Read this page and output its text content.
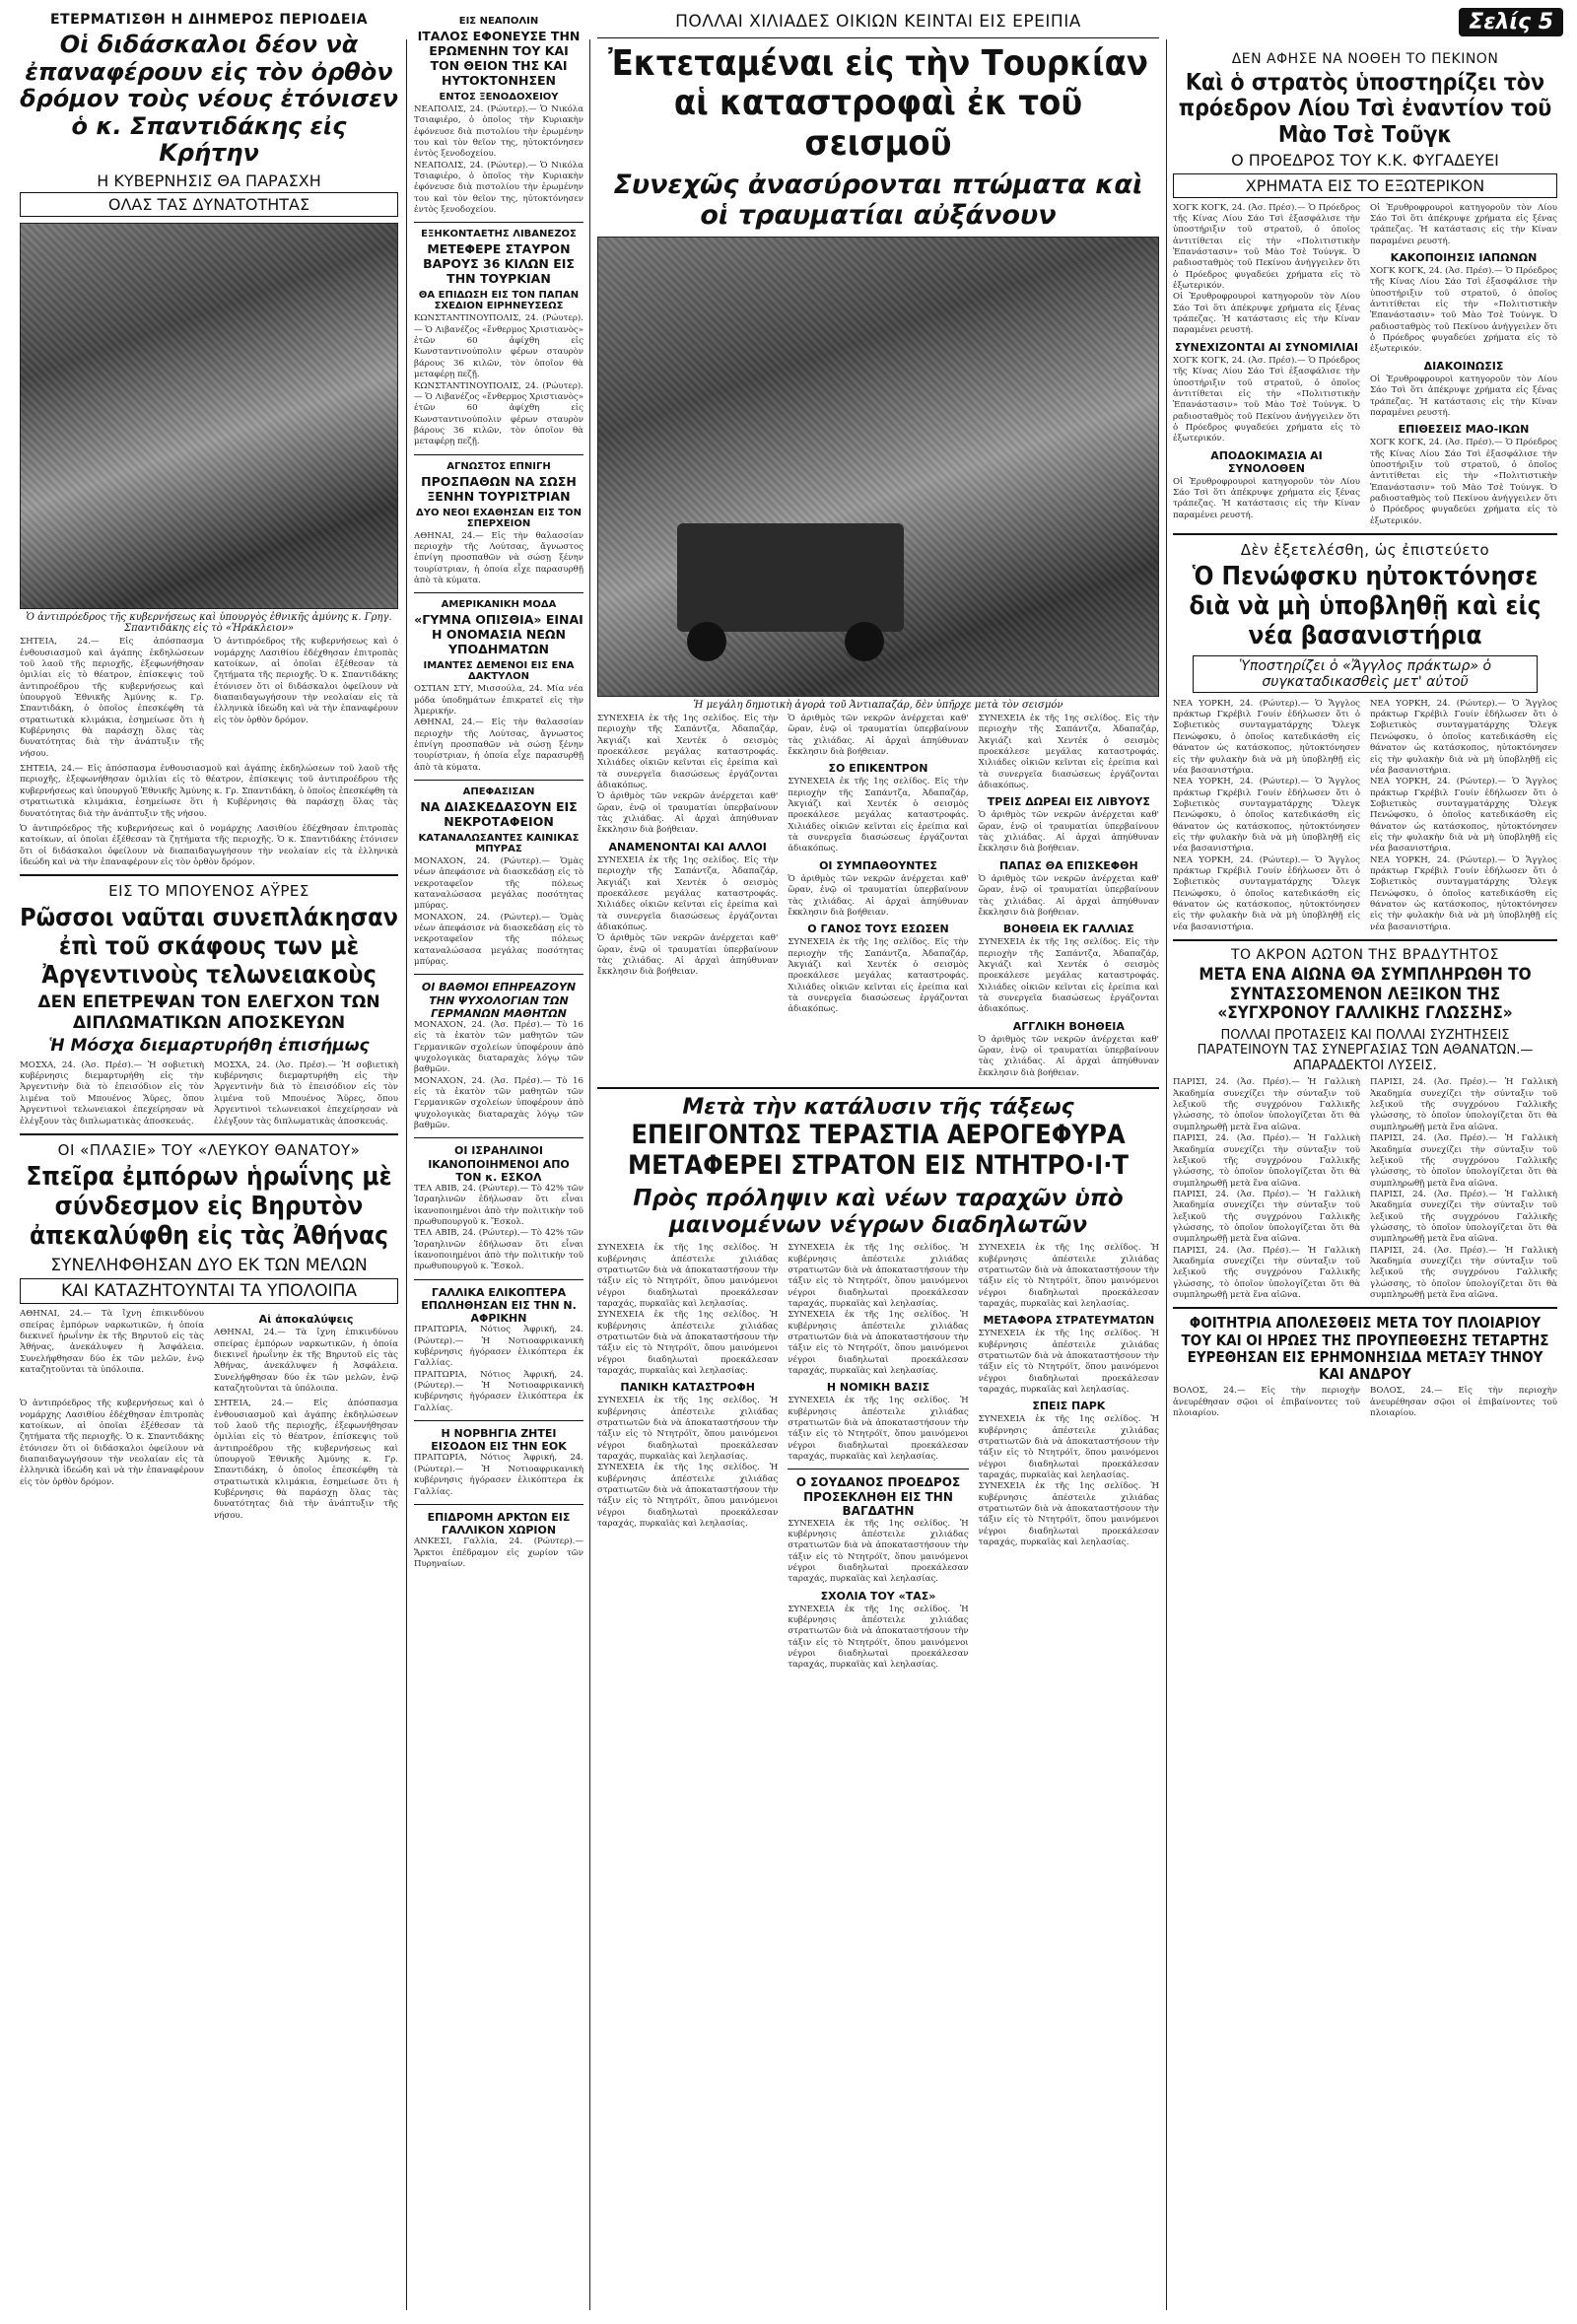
Σελίς 5
ΕΤΕΡΜΑΤΙΣΘΗ Η ΔΙΗΜΕΡΟΣ ΠΕΡΙΟΔΕΙΑ
Οἱ διδάσκαλοι δέον νὰ ἐπαναφέρουν εἰς τὸν ὀρθὸν δρόμον τοὺς νέους ἐτόνισεν ὁ κ. Σπαντιδάκης εἰς Κρήτην
Η ΚΥΒΕΡΝΗΣΙΣ ΘΑ ΠΑΡΑΣΧΗ
ΟΛΑΣ ΤΑΣ ΔΥΝΑΤΟΤΗΤΑΣ
Ὁ ἀντιπρόεδρος τῆς κυβερνήσεως καὶ ὑπουργὸς ἐθνικῆς ἀμύνης κ. Γρηγ. Σπαντιδάκης εἰς τὸ «Ἡράκλειον»
ΣΗΤΕΙΑ, 24.— Εἰς ἀπόσπασμα ἐνθουσιασμοῦ καὶ ἀγάπης ἐκδηλώσεων τοῦ λαοῦ τῆς περιοχῆς, ἐξεφωνήθησαν ὁμιλίαι εἰς τὸ θέατρον, ἐπίσκεψις τοῦ ἀντιπροέδρου τῆς κυβερνήσεως καὶ ὑπουργοῦ Ἐθνικῆς Ἀμύνης κ. Γρ. Σπαντιδάκη, ὁ ὁποῖος ἐπεσκέφθη τὰ στρατιωτικὰ κλιμάκια, ἐσημείωσε ὅτι ἡ Κυβέρνησις θὰ παράσχῃ ὅλας τὰς δυνατότητας διὰ τὴν ἀνάπτυξιν τῆς νήσου.
Ὁ ἀντιπρόεδρος τῆς κυβερνήσεως καὶ ὁ νομάρχης Λασιθίου ἐδέχθησαν ἐπιτροπὰς κατοίκων, αἱ ὁποῖαι ἐξέθεσαν τὰ ζητήματα τῆς περιοχῆς. Ὁ κ. Σπαντιδάκης ἐτόνισεν ὅτι οἱ διδάσκαλοι ὀφείλουν νὰ διαπαιδαγωγήσουν τὴν νεολαίαν εἰς τὰ ἑλληνικὰ ἰδεώδη καὶ νὰ τὴν ἐπαναφέρουν εἰς τὸν ὀρθὸν δρόμον.
ΣΗΤΕΙΑ, 24.— Εἰς ἀπόσπασμα ἐνθουσιασμοῦ καὶ ἀγάπης ἐκδηλώσεων τοῦ λαοῦ τῆς περιοχῆς, ἐξεφωνήθησαν ὁμιλίαι εἰς τὸ θέατρον, ἐπίσκεψις τοῦ ἀντιπροέδρου τῆς κυβερνήσεως καὶ ὑπουργοῦ Ἐθνικῆς Ἀμύνης κ. Γρ. Σπαντιδάκη, ὁ ὁποῖος ἐπεσκέφθη τὰ στρατιωτικὰ κλιμάκια, ἐσημείωσε ὅτι ἡ Κυβέρνησις θὰ παράσχῃ ὅλας τὰς δυνατότητας διὰ τὴν ἀνάπτυξιν τῆς νήσου.
Ὁ ἀντιπρόεδρος τῆς κυβερνήσεως καὶ ὁ νομάρχης Λασιθίου ἐδέχθησαν ἐπιτροπὰς κατοίκων, αἱ ὁποῖαι ἐξέθεσαν τὰ ζητήματα τῆς περιοχῆς. Ὁ κ. Σπαντιδάκης ἐτόνισεν ὅτι οἱ διδάσκαλοι ὀφείλουν νὰ διαπαιδαγωγήσουν τὴν νεολαίαν εἰς τὰ ἑλληνικὰ ἰδεώδη καὶ νὰ τὴν ἐπαναφέρουν εἰς τὸν ὀρθὸν δρόμον.
ΕΙΣ ΤΟ ΜΠΟΥΕΝΟΣ ΑΫΡΕΣ
Ρῶσσοι ναῦται συνεπλάκησαν ἐπὶ τοῦ σκάφους των μὲ Ἀργεντινοὺς τελωνειακοὺς
ΔΕΝ ΕΠΕΤΡΕΨΑΝ ΤΟΝ ΕΛΕΓΧΟΝ ΤΩΝ ΔΙΠΛΩΜΑΤΙΚΩΝ ΑΠΟΣΚΕΥΩΝ
Ἡ Μόσχα διεμαρτυρήθη ἐπισήμως
ΜΟΣΧΑ, 24. (Ἀσ. Πρέσ).— Ἡ σοβιετικὴ κυβέρνησις διεμαρτυρήθη εἰς τὴν Ἀργεντινὴν διὰ τὸ ἐπεισόδιον εἰς τὸν λιμένα τοῦ Μπουένος Ἄϋρες, ὅπου Ἀργεντινοὶ τελωνειακοὶ ἐπεχείρησαν νὰ ἐλέγξουν τὰς διπλωματικὰς ἀποσκευάς.
ΜΟΣΧΑ, 24. (Ἀσ. Πρέσ).— Ἡ σοβιετικὴ κυβέρνησις διεμαρτυρήθη εἰς τὴν Ἀργεντινὴν διὰ τὸ ἐπεισόδιον εἰς τὸν λιμένα τοῦ Μπουένος Ἄϋρες, ὅπου Ἀργεντινοὶ τελωνειακοὶ ἐπεχείρησαν νὰ ἐλέγξουν τὰς διπλωματικὰς ἀποσκευάς.
ΟΙ «ΠΛΑΣΙΕ» ΤΟΥ «ΛΕΥΚΟΥ ΘΑΝΑΤΟΥ»
Σπεῖρα ἐμπόρων ἡρωΐνης μὲ σύνδεσμον εἰς Βηρυτὸν ἀπεκαλύφθη εἰς τὰς Ἀθήνας
ΣΥΝΕΛΗΦΘΗΣΑΝ ΔΥΟ ΕΚ ΤΩΝ ΜΕΛΩΝ
ΚΑΙ ΚΑΤΑΖΗΤΟΥΝΤΑΙ ΤΑ ΥΠΟΛΟΙΠΑ
ΑΘΗΝΑΙ, 24.— Τὰ ἴχνη ἐπικινδύνου σπείρας ἐμπόρων ναρκωτικῶν, ἡ ὁποία διεκινεῖ ἡρωΐνην ἐκ τῆς Βηρυτοῦ εἰς τὰς Ἀθήνας, ἀνεκάλυψεν ἡ Ἀσφάλεια. Συνελήφθησαν δύο ἐκ τῶν μελῶν, ἐνῷ καταζητοῦνται τὰ ὑπόλοιπα.
Αἱ ἀποκαλύψεις
ΑΘΗΝΑΙ, 24.— Τὰ ἴχνη ἐπικινδύνου σπείρας ἐμπόρων ναρκωτικῶν, ἡ ὁποία διεκινεῖ ἡρωΐνην ἐκ τῆς Βηρυτοῦ εἰς τὰς Ἀθήνας, ἀνεκάλυψεν ἡ Ἀσφάλεια. Συνελήφθησαν δύο ἐκ τῶν μελῶν, ἐνῷ καταζητοῦνται τὰ ὑπόλοιπα.
Ὁ ἀντιπρόεδρος τῆς κυβερνήσεως καὶ ὁ νομάρχης Λασιθίου ἐδέχθησαν ἐπιτροπὰς κατοίκων, αἱ ὁποῖαι ἐξέθεσαν τὰ ζητήματα τῆς περιοχῆς. Ὁ κ. Σπαντιδάκης ἐτόνισεν ὅτι οἱ διδάσκαλοι ὀφείλουν νὰ διαπαιδαγωγήσουν τὴν νεολαίαν εἰς τὰ ἑλληνικὰ ἰδεώδη καὶ νὰ τὴν ἐπαναφέρουν εἰς τὸν ὀρθὸν δρόμον.
ΣΗΤΕΙΑ, 24.— Εἰς ἀπόσπασμα ἐνθουσιασμοῦ καὶ ἀγάπης ἐκδηλώσεων τοῦ λαοῦ τῆς περιοχῆς, ἐξεφωνήθησαν ὁμιλίαι εἰς τὸ θέατρον, ἐπίσκεψις τοῦ ἀντιπροέδρου τῆς κυβερνήσεως καὶ ὑπουργοῦ Ἐθνικῆς Ἀμύνης κ. Γρ. Σπαντιδάκη, ὁ ὁποῖος ἐπεσκέφθη τὰ στρατιωτικὰ κλιμάκια, ἐσημείωσε ὅτι ἡ Κυβέρνησις θὰ παράσχῃ ὅλας τὰς δυνατότητας διὰ τὴν ἀνάπτυξιν τῆς νήσου.
ΕΙΣ ΝΕΑΠΟΛΙΝ
ΙΤΑΛΟΣ ΕΦΟΝΕΥΣΕ ΤΗΝ ΕΡΩΜΕΝΗΝ ΤΟΥ ΚΑΙ ΤΟΝ ΘΕΙΟΝ ΤΗΣ ΚΑΙ ΗΥΤΟΚΤΟΝΗΣΕΝ
ΕΝΤΟΣ ΞΕΝΟΔΟΧΕΙΟΥ
ΝΕΑΠΟΛΙΣ, 24. (Ρώυτερ).— Ὁ Νικόλα Τσιαφιέρο, ὁ ὁποῖος τὴν Κυριακὴν ἐφόνευσε διὰ πιστολίου τὴν ἐρωμένην του καὶ τὸν θεῖον της, ηὐτοκτόνησεν ἐντὸς ξενοδοχείου.
ΝΕΑΠΟΛΙΣ, 24. (Ρώυτερ).— Ὁ Νικόλα Τσιαφιέρο, ὁ ὁποῖος τὴν Κυριακὴν ἐφόνευσε διὰ πιστολίου τὴν ἐρωμένην του καὶ τὸν θεῖον της, ηὐτοκτόνησεν ἐντὸς ξενοδοχείου.
ΕΞΗΚΟΝΤΑΕΤΗΣ ΛΙΒΑΝΕΖΟΣ
ΜΕΤΕΦΕΡΕ ΣΤΑΥΡΟΝ ΒΑΡΟΥΣ 36 ΚΙΛΩΝ ΕΙΣ ΤΗΝ ΤΟΥΡΚΙΑΝ
ΘΑ ΕΠΙΔΩΣΗ ΕΙΣ ΤΟΝ ΠΑΠΑΝ ΣΧΕΔΙΟΝ ΕΙΡΗΝΕΥΣΕΩΣ
ΚΩΝΣΤΑΝΤΙΝΟΥΠΟΛΙΣ, 24. (Ρώυτερ).— Ὁ Λιβανέζος «ἔνθερμος Χριστιανὸς» ἐτῶν 60 ἀφίχθη εἰς Κωνσταντινούπολιν φέρων σταυρὸν βάρους 36 κιλῶν, τὸν ὁποῖον θὰ μεταφέρῃ πεζῇ.
ΚΩΝΣΤΑΝΤΙΝΟΥΠΟΛΙΣ, 24. (Ρώυτερ).— Ὁ Λιβανέζος «ἔνθερμος Χριστιανὸς» ἐτῶν 60 ἀφίχθη εἰς Κωνσταντινούπολιν φέρων σταυρὸν βάρους 36 κιλῶν, τὸν ὁποῖον θὰ μεταφέρῃ πεζῇ.
ΑΓΝΩΣΤΟΣ ΕΠΝΙΓΗ
ΠΡΟΣΠΑΘΩΝ ΝΑ ΣΩΣΗ ΞΕΝΗΝ ΤΟΥΡΙΣΤΡΙΑΝ
ΔΥΟ ΝΕΟΙ ΕΧΑΘΗΣΑΝ ΕΙΣ ΤΟΝ ΣΠΕΡΧΕΙΟΝ
ΑΘΗΝΑΙ, 24.— Εἰς τὴν θαλασσίαν περιοχὴν τῆς Λούτσας, ἄγνωστος ἐπνίγη προσπαθῶν νὰ σώσῃ ξένην τουρίστριαν, ἡ ὁποία εἶχε παρασυρθῇ ἀπὸ τὰ κύματα.
ΑΜΕΡΙΚΑΝΙΚΗ ΜΟΔΑ
«ΓΥΜΝΑ ΟΠΙΣΘΙΑ» ΕΙΝΑΙ Η ΟΝΟΜΑΣΙΑ ΝΕΩΝ ΥΠΟΔΗΜΑΤΩΝ
ΙΜΑΝΤΕΣ ΔΕΜΕΝΟΙ ΕΙΣ ΕΝΑ ΔΑΚΤΥΛΟΝ
ΟΣΤΙΑΝ ΣΤΥ, Μισσούλα, 24. Μία νέα μόδα ὑποδημάτων ἐπικρατεῖ εἰς τὴν Ἀμερικήν.
ΑΘΗΝΑΙ, 24.— Εἰς τὴν θαλασσίαν περιοχὴν τῆς Λούτσας, ἄγνωστος ἐπνίγη προσπαθῶν νὰ σώσῃ ξένην τουρίστριαν, ἡ ὁποία εἶχε παρασυρθῇ ἀπὸ τὰ κύματα.
ΑΠΕΦΑΣΙΣΑΝ
ΝΑ ΔΙΑΣΚΕΔΑΣΟΥΝ ΕΙΣ ΝΕΚΡΟΤΑΦΕΙΟΝ
ΚΑΤΑΝΑΛΩΣΑΝΤΕΣ ΚΑΙΝΙΚΑΣ ΜΠΥΡΑΣ
ΜΟΝΑΧΟΝ, 24. (Ρώυτερ).— Ὁμὰς νέων ἀπεφάσισε νὰ διασκεδάσῃ εἰς τὸ νεκροταφεῖον τῆς πόλεως καταναλώσασα μεγάλας ποσότητας μπύρας.
ΜΟΝΑΧΟΝ, 24. (Ρώυτερ).— Ὁμὰς νέων ἀπεφάσισε νὰ διασκεδάσῃ εἰς τὸ νεκροταφεῖον τῆς πόλεως καταναλώσασα μεγάλας ποσότητας μπύρας.
ΟΙ ΒΑΘΜΟΙ ΕΠΗΡΕΑΖΟΥΝ ΤΗΝ ΨΥΧΟΛΟΓΙΑΝ ΤΩΝ ΓΕΡΜΑΝΩΝ ΜΑΘΗΤΩΝ
ΜΟΝΑΧΟΝ, 24. (Ἀσ. Πρέσ).— Τὸ 16 εἰς τὰ ἑκατὸν τῶν μαθητῶν τῶν Γερμανικῶν σχολείων ὑποφέρουν ἀπὸ ψυχολογικὰς διαταραχὰς λόγῳ τῶν βαθμῶν.
ΜΟΝΑΧΟΝ, 24. (Ἀσ. Πρέσ).— Τὸ 16 εἰς τὰ ἑκατὸν τῶν μαθητῶν τῶν Γερμανικῶν σχολείων ὑποφέρουν ἀπὸ ψυχολογικὰς διαταραχὰς λόγῳ τῶν βαθμῶν.
ΟΙ ΙΣΡΑΗΛΙΝΟΙ ΙΚΑΝΟΠΟΙΗΜΕΝΟΙ ΑΠΟ ΤΟΝ κ. ΕΣΚΟΛ
ΤΕΛ ΑΒΙΒ, 24. (Ρώυτερ).— Τὸ 42% τῶν Ἰσραηλινῶν ἐδήλωσαν ὅτι εἶναι ἱκανοποιημένοι ἀπὸ τὴν πολιτικὴν τοῦ πρωθυπουργοῦ κ. Ἔσκολ.
ΤΕΛ ΑΒΙΒ, 24. (Ρώυτερ).— Τὸ 42% τῶν Ἰσραηλινῶν ἐδήλωσαν ὅτι εἶναι ἱκανοποιημένοι ἀπὸ τὴν πολιτικὴν τοῦ πρωθυπουργοῦ κ. Ἔσκολ.
ΓΑΛΛΙΚΑ ΕΛΙΚΟΠΤΕΡΑ ΕΠΩΛΗΘΗΣΑΝ ΕΙΣ ΤΗΝ Ν. ΑΦΡΙΚΗΝ
ΠΡΑΙΤΩΡΙΑ, Νότιος Ἀφρική, 24. (Ρώυτερ).— Ἡ Νοτιοαφρικανικὴ κυβέρνησις ἠγόρασεν ἐλικόπτερα ἐκ Γαλλίας.
ΠΡΑΙΤΩΡΙΑ, Νότιος Ἀφρική, 24. (Ρώυτερ).— Ἡ Νοτιοαφρικανικὴ κυβέρνησις ἠγόρασεν ἐλικόπτερα ἐκ Γαλλίας.
Η ΝΟΡΒΗΓΙΑ ΖΗΤΕΙ ΕΙΣΟΔΟΝ ΕΙΣ ΤΗΝ ΕΟΚ
ΠΡΑΙΤΩΡΙΑ, Νότιος Ἀφρική, 24. (Ρώυτερ).— Ἡ Νοτιοαφρικανικὴ κυβέρνησις ἠγόρασεν ἐλικόπτερα ἐκ Γαλλίας.
ΕΠΙΔΡΟΜΗ ΑΡΚΤΩΝ ΕΙΣ ΓΑΛΛΙΚΟΝ ΧΩΡΙΟΝ
ΑΝΚΕΣΙ, Γαλλία, 24. (Ρώυτερ).— Ἄρκτοι ἐπέδραμον εἰς χωρίον τῶν Πυρηναίων.
ΠΟΛΛΑΙ ΧΙΛΙΑΔΕΣ ΟΙΚΙΩΝ ΚΕΙΝΤΑΙ ΕΙΣ ΕΡΕΙΠΙΑ
Ἐκτεταμέναι εἰς τὴν Τουρκίαν αἱ καταστροφαὶ ἐκ τοῦ σεισμοῦ
Συνεχῶς ἀνασύρονται πτώματα καὶ οἱ τραυματίαι αὐξάνουν
Ἡ μεγάλη δημοτικὴ ἀγορὰ τοῦ Ἀντιαπαζάρ, δὲν ὑπῆρχε μετὰ τὸν σεισμόν
ΣΥΝΕΧΕΙΑ ἐκ τῆς 1ης σελίδος. Εἰς τὴν περιοχὴν τῆς Σαπάντζα, Ἀδαπαζάρ, Ἀκγιάζι καὶ Χεντέκ ὁ σεισμὸς προεκάλεσε μεγάλας καταστροφάς. Χιλιάδες οἰκιῶν κεῖνται εἰς ἐρείπια καὶ τὰ συνεργεῖα διασώσεως ἐργάζονται ἀδιακόπως.
Ὁ ἀριθμὸς τῶν νεκρῶν ἀνέρχεται καθ' ὥραν, ἐνῷ οἱ τραυματίαι ὑπερβαίνουν τὰς χιλιάδας. Αἱ ἀρχαὶ ἀπηύθυναν ἔκκλησιν διὰ βοήθειαν.
ΑΝΑΜΕΝΟΝΤΑΙ ΚΑΙ ΑΛΛΟΙ
ΣΥΝΕΧΕΙΑ ἐκ τῆς 1ης σελίδος. Εἰς τὴν περιοχὴν τῆς Σαπάντζα, Ἀδαπαζάρ, Ἀκγιάζι καὶ Χεντέκ ὁ σεισμὸς προεκάλεσε μεγάλας καταστροφάς. Χιλιάδες οἰκιῶν κεῖνται εἰς ἐρείπια καὶ τὰ συνεργεῖα διασώσεως ἐργάζονται ἀδιακόπως.
Ὁ ἀριθμὸς τῶν νεκρῶν ἀνέρχεται καθ' ὥραν, ἐνῷ οἱ τραυματίαι ὑπερβαίνουν τὰς χιλιάδας. Αἱ ἀρχαὶ ἀπηύθυναν ἔκκλησιν διὰ βοήθειαν.
Ὁ ἀριθμὸς τῶν νεκρῶν ἀνέρχεται καθ' ὥραν, ἐνῷ οἱ τραυματίαι ὑπερβαίνουν τὰς χιλιάδας. Αἱ ἀρχαὶ ἀπηύθυναν ἔκκλησιν διὰ βοήθειαν.
ΣΟ ΕΠΙΚΕΝΤΡΟΝ
ΣΥΝΕΧΕΙΑ ἐκ τῆς 1ης σελίδος. Εἰς τὴν περιοχὴν τῆς Σαπάντζα, Ἀδαπαζάρ, Ἀκγιάζι καὶ Χεντέκ ὁ σεισμὸς προεκάλεσε μεγάλας καταστροφάς. Χιλιάδες οἰκιῶν κεῖνται εἰς ἐρείπια καὶ τὰ συνεργεῖα διασώσεως ἐργάζονται ἀδιακόπως.
ΟΙ ΣΥΜΠΑΘΟΥΝΤΕΣ
Ὁ ἀριθμὸς τῶν νεκρῶν ἀνέρχεται καθ' ὥραν, ἐνῷ οἱ τραυματίαι ὑπερβαίνουν τὰς χιλιάδας. Αἱ ἀρχαὶ ἀπηύθυναν ἔκκλησιν διὰ βοήθειαν.
Ο ΓΑΝΟΣ ΤΟΥΣ ΕΣΩΣΕΝ
ΣΥΝΕΧΕΙΑ ἐκ τῆς 1ης σελίδος. Εἰς τὴν περιοχὴν τῆς Σαπάντζα, Ἀδαπαζάρ, Ἀκγιάζι καὶ Χεντέκ ὁ σεισμὸς προεκάλεσε μεγάλας καταστροφάς. Χιλιάδες οἰκιῶν κεῖνται εἰς ἐρείπια καὶ τὰ συνεργεῖα διασώσεως ἐργάζονται ἀδιακόπως.
ΣΥΝΕΧΕΙΑ ἐκ τῆς 1ης σελίδος. Εἰς τὴν περιοχὴν τῆς Σαπάντζα, Ἀδαπαζάρ, Ἀκγιάζι καὶ Χεντέκ ὁ σεισμὸς προεκάλεσε μεγάλας καταστροφάς. Χιλιάδες οἰκιῶν κεῖνται εἰς ἐρείπια καὶ τὰ συνεργεῖα διασώσεως ἐργάζονται ἀδιακόπως.
ΤΡΕΙΣ ΔΩΡΕΑΙ ΕΙΣ ΛΙΒΥΟΥΣ
Ὁ ἀριθμὸς τῶν νεκρῶν ἀνέρχεται καθ' ὥραν, ἐνῷ οἱ τραυματίαι ὑπερβαίνουν τὰς χιλιάδας. Αἱ ἀρχαὶ ἀπηύθυναν ἔκκλησιν διὰ βοήθειαν.
ΠΑΠΑΣ ΘΑ ΕΠΙΣΚΕΦΘΗ
Ὁ ἀριθμὸς τῶν νεκρῶν ἀνέρχεται καθ' ὥραν, ἐνῷ οἱ τραυματίαι ὑπερβαίνουν τὰς χιλιάδας. Αἱ ἀρχαὶ ἀπηύθυναν ἔκκλησιν διὰ βοήθειαν.
ΒΟΗΘΕΙΑ ΕΚ ΓΑΛΛΙΑΣ
ΣΥΝΕΧΕΙΑ ἐκ τῆς 1ης σελίδος. Εἰς τὴν περιοχὴν τῆς Σαπάντζα, Ἀδαπαζάρ, Ἀκγιάζι καὶ Χεντέκ ὁ σεισμὸς προεκάλεσε μεγάλας καταστροφάς. Χιλιάδες οἰκιῶν κεῖνται εἰς ἐρείπια καὶ τὰ συνεργεῖα διασώσεως ἐργάζονται ἀδιακόπως.
ΑΓΓΛΙΚΗ ΒΟΗΘΕΙΑ
Ὁ ἀριθμὸς τῶν νεκρῶν ἀνέρχεται καθ' ὥραν, ἐνῷ οἱ τραυματίαι ὑπερβαίνουν τὰς χιλιάδας. Αἱ ἀρχαὶ ἀπηύθυναν ἔκκλησιν διὰ βοήθειαν.
Μετὰ τὴν κατάλυσιν τῆς τάξεως
ΕΠΕΙΓΟΝΤΩΣ ΤΕΡΑΣΤΙΑ ΑΕΡΟΓΕΦΥΡΑ
ΜΕΤΑΦΕΡΕΙ ΣΤΡΑΤΟΝ ΕΙΣ ΝΤΗΤΡΟ·Ι·Τ
Πρὸς πρόληψιν καὶ νέων ταραχῶν ὑπὸ μαινομένων νέγρων διαδηλωτῶν
ΣΥΝΕΧΕΙΑ ἐκ τῆς 1ης σελίδος. Ἡ κυβέρνησις ἀπέστειλε χιλιάδας στρατιωτῶν διὰ νὰ ἀποκαταστήσουν τὴν τάξιν εἰς τὸ Ντητρόϊτ, ὅπου μαινόμενοι νέγροι διαδηλωταὶ προεκάλεσαν ταραχάς, πυρκαϊὰς καὶ λεηλασίας.
ΣΥΝΕΧΕΙΑ ἐκ τῆς 1ης σελίδος. Ἡ κυβέρνησις ἀπέστειλε χιλιάδας στρατιωτῶν διὰ νὰ ἀποκαταστήσουν τὴν τάξιν εἰς τὸ Ντητρόϊτ, ὅπου μαινόμενοι νέγροι διαδηλωταὶ προεκάλεσαν ταραχάς, πυρκαϊὰς καὶ λεηλασίας.
ΠΑΝΙΚΗ ΚΑΤΑΣΤΡΟΦΗ
ΣΥΝΕΧΕΙΑ ἐκ τῆς 1ης σελίδος. Ἡ κυβέρνησις ἀπέστειλε χιλιάδας στρατιωτῶν διὰ νὰ ἀποκαταστήσουν τὴν τάξιν εἰς τὸ Ντητρόϊτ, ὅπου μαινόμενοι νέγροι διαδηλωταὶ προεκάλεσαν ταραχάς, πυρκαϊὰς καὶ λεηλασίας.
ΣΥΝΕΧΕΙΑ ἐκ τῆς 1ης σελίδος. Ἡ κυβέρνησις ἀπέστειλε χιλιάδας στρατιωτῶν διὰ νὰ ἀποκαταστήσουν τὴν τάξιν εἰς τὸ Ντητρόϊτ, ὅπου μαινόμενοι νέγροι διαδηλωταὶ προεκάλεσαν ταραχάς, πυρκαϊὰς καὶ λεηλασίας.
ΣΥΝΕΧΕΙΑ ἐκ τῆς 1ης σελίδος. Ἡ κυβέρνησις ἀπέστειλε χιλιάδας στρατιωτῶν διὰ νὰ ἀποκαταστήσουν τὴν τάξιν εἰς τὸ Ντητρόϊτ, ὅπου μαινόμενοι νέγροι διαδηλωταὶ προεκάλεσαν ταραχάς, πυρκαϊὰς καὶ λεηλασίας.
ΣΥΝΕΧΕΙΑ ἐκ τῆς 1ης σελίδος. Ἡ κυβέρνησις ἀπέστειλε χιλιάδας στρατιωτῶν διὰ νὰ ἀποκαταστήσουν τὴν τάξιν εἰς τὸ Ντητρόϊτ, ὅπου μαινόμενοι νέγροι διαδηλωταὶ προεκάλεσαν ταραχάς, πυρκαϊὰς καὶ λεηλασίας.
Η ΝΟΜΙΚΗ ΒΑΣΙΣ
ΣΥΝΕΧΕΙΑ ἐκ τῆς 1ης σελίδος. Ἡ κυβέρνησις ἀπέστειλε χιλιάδας στρατιωτῶν διὰ νὰ ἀποκαταστήσουν τὴν τάξιν εἰς τὸ Ντητρόϊτ, ὅπου μαινόμενοι νέγροι διαδηλωταὶ προεκάλεσαν ταραχάς, πυρκαϊὰς καὶ λεηλασίας.
Ο ΣΟΥΔΑΝΟΣ ΠΡΟΕΔΡΟΣ ΠΡΟΣΕΚΛΗΘΗ ΕΙΣ ΤΗΝ ΒΑΓΔΑΤΗΝ
ΣΥΝΕΧΕΙΑ ἐκ τῆς 1ης σελίδος. Ἡ κυβέρνησις ἀπέστειλε χιλιάδας στρατιωτῶν διὰ νὰ ἀποκαταστήσουν τὴν τάξιν εἰς τὸ Ντητρόϊτ, ὅπου μαινόμενοι νέγροι διαδηλωταὶ προεκάλεσαν ταραχάς, πυρκαϊὰς καὶ λεηλασίας.
ΣΧΟΛΙΑ ΤΟΥ «ΤΑΣ»
ΣΥΝΕΧΕΙΑ ἐκ τῆς 1ης σελίδος. Ἡ κυβέρνησις ἀπέστειλε χιλιάδας στρατιωτῶν διὰ νὰ ἀποκαταστήσουν τὴν τάξιν εἰς τὸ Ντητρόϊτ, ὅπου μαινόμενοι νέγροι διαδηλωταὶ προεκάλεσαν ταραχάς, πυρκαϊὰς καὶ λεηλασίας.
ΣΥΝΕΧΕΙΑ ἐκ τῆς 1ης σελίδος. Ἡ κυβέρνησις ἀπέστειλε χιλιάδας στρατιωτῶν διὰ νὰ ἀποκαταστήσουν τὴν τάξιν εἰς τὸ Ντητρόϊτ, ὅπου μαινόμενοι νέγροι διαδηλωταὶ προεκάλεσαν ταραχάς, πυρκαϊὰς καὶ λεηλασίας.
ΜΕΤΑΦΟΡΑ ΣΤΡΑΤΕΥΜΑΤΩΝ
ΣΥΝΕΧΕΙΑ ἐκ τῆς 1ης σελίδος. Ἡ κυβέρνησις ἀπέστειλε χιλιάδας στρατιωτῶν διὰ νὰ ἀποκαταστήσουν τὴν τάξιν εἰς τὸ Ντητρόϊτ, ὅπου μαινόμενοι νέγροι διαδηλωταὶ προεκάλεσαν ταραχάς, πυρκαϊὰς καὶ λεηλασίας.
ΣΠΕΙΣ ΠΑΡΚ
ΣΥΝΕΧΕΙΑ ἐκ τῆς 1ης σελίδος. Ἡ κυβέρνησις ἀπέστειλε χιλιάδας στρατιωτῶν διὰ νὰ ἀποκαταστήσουν τὴν τάξιν εἰς τὸ Ντητρόϊτ, ὅπου μαινόμενοι νέγροι διαδηλωταὶ προεκάλεσαν ταραχάς, πυρκαϊὰς καὶ λεηλασίας.
ΣΥΝΕΧΕΙΑ ἐκ τῆς 1ης σελίδος. Ἡ κυβέρνησις ἀπέστειλε χιλιάδας στρατιωτῶν διὰ νὰ ἀποκαταστήσουν τὴν τάξιν εἰς τὸ Ντητρόϊτ, ὅπου μαινόμενοι νέγροι διαδηλωταὶ προεκάλεσαν ταραχάς, πυρκαϊὰς καὶ λεηλασίας.
ΔΕΝ ΑΦΗΣΕ ΝΑ ΝΟΘΕΗ ΤΟ ΠΕΚΙΝΟΝ
Καὶ ὁ στρατὸς ὑποστηρίζει τὸν πρόεδρον Λίου Τσὶ ἐναντίον τοῦ Μὰο Τσὲ Τοῦγκ
Ο ΠΡΟΕΔΡΟΣ ΤΟΥ Κ.Κ. ΦΥΓΑΔΕΥΕΙ
ΧΡΗΜΑΤΑ ΕΙΣ ΤΟ ΕΞΩΤΕΡΙΚΟΝ
ΧΟΓΚ ΚΟΓΚ, 24. (Ἀσ. Πρέσ).— Ὁ Πρόεδρος τῆς Κίνας Λίου Σάο Τσὶ ἐξασφάλισε τὴν ὑποστήριξιν τοῦ στρατοῦ, ὁ ὁποῖος ἀντιτίθεται εἰς τὴν «Πολιτιστικὴν Ἐπανάστασιν» τοῦ Μὰο Τσὲ Τούνγκ. Ὁ ραδιοσταθμὸς τοῦ Πεκίνου ἀνήγγειλεν ὅτι ὁ Πρόεδρος φυγαδεύει χρήματα εἰς τὸ ἐξωτερικόν.
Οἱ Ἐρυθροφρουροὶ κατηγοροῦν τὸν Λίου Σάο Τσὶ ὅτι ἀπέκρυψε χρήματα εἰς ξένας τράπεζας. Ἡ κατάστασις εἰς τὴν Κίναν παραμένει ρευστή.
ΣΥΝΕΧΙΖΟΝΤΑΙ ΑΙ ΣΥΝΟΜΙΛΙΑΙ
ΧΟΓΚ ΚΟΓΚ, 24. (Ἀσ. Πρέσ).— Ὁ Πρόεδρος τῆς Κίνας Λίου Σάο Τσὶ ἐξασφάλισε τὴν ὑποστήριξιν τοῦ στρατοῦ, ὁ ὁποῖος ἀντιτίθεται εἰς τὴν «Πολιτιστικὴν Ἐπανάστασιν» τοῦ Μὰο Τσὲ Τούνγκ. Ὁ ραδιοσταθμὸς τοῦ Πεκίνου ἀνήγγειλεν ὅτι ὁ Πρόεδρος φυγαδεύει χρήματα εἰς τὸ ἐξωτερικόν.
ΑΠΟΔΟΚΙΜΑΣΙΑ ΑΙ ΣΥΝΟΛΟΘΕΝ
Οἱ Ἐρυθροφρουροὶ κατηγοροῦν τὸν Λίου Σάο Τσὶ ὅτι ἀπέκρυψε χρήματα εἰς ξένας τράπεζας. Ἡ κατάστασις εἰς τὴν Κίναν παραμένει ρευστή.
Οἱ Ἐρυθροφρουροὶ κατηγοροῦν τὸν Λίου Σάο Τσὶ ὅτι ἀπέκρυψε χρήματα εἰς ξένας τράπεζας. Ἡ κατάστασις εἰς τὴν Κίναν παραμένει ρευστή.
ΚΑΚΟΠΟΙΗΣΙΣ ΙΑΠΩΝΩΝ
ΧΟΓΚ ΚΟΓΚ, 24. (Ἀσ. Πρέσ).— Ὁ Πρόεδρος τῆς Κίνας Λίου Σάο Τσὶ ἐξασφάλισε τὴν ὑποστήριξιν τοῦ στρατοῦ, ὁ ὁποῖος ἀντιτίθεται εἰς τὴν «Πολιτιστικὴν Ἐπανάστασιν» τοῦ Μὰο Τσὲ Τούνγκ. Ὁ ραδιοσταθμὸς τοῦ Πεκίνου ἀνήγγειλεν ὅτι ὁ Πρόεδρος φυγαδεύει χρήματα εἰς τὸ ἐξωτερικόν.
ΔΙΑΚΟΙΝΩΣΙΣ
Οἱ Ἐρυθροφρουροὶ κατηγοροῦν τὸν Λίου Σάο Τσὶ ὅτι ἀπέκρυψε χρήματα εἰς ξένας τράπεζας. Ἡ κατάστασις εἰς τὴν Κίναν παραμένει ρευστή.
ΕΠΙΘΕΣΕΙΣ ΜΑΟ-ΙΚΩΝ
ΧΟΓΚ ΚΟΓΚ, 24. (Ἀσ. Πρέσ).— Ὁ Πρόεδρος τῆς Κίνας Λίου Σάο Τσὶ ἐξασφάλισε τὴν ὑποστήριξιν τοῦ στρατοῦ, ὁ ὁποῖος ἀντιτίθεται εἰς τὴν «Πολιτιστικὴν Ἐπανάστασιν» τοῦ Μὰο Τσὲ Τούνγκ. Ὁ ραδιοσταθμὸς τοῦ Πεκίνου ἀνήγγειλεν ὅτι ὁ Πρόεδρος φυγαδεύει χρήματα εἰς τὸ ἐξωτερικόν.
Δὲν ἐξετελέσθη, ὡς ἐπιστεύετο
Ὁ Πενώφσκυ ηὐτοκτόνησε διὰ νὰ μὴ ὑποβληθῇ καὶ εἰς νέα βασανιστήρια
Ὑποστηρίζει ὁ «Ἄγγλος πράκτωρ» ὁ συγκαταδικασθεὶς μετ' αὐτοῦ
ΝΕΑ ΥΟΡΚΗ, 24. (Ρώυτερ).— Ὁ Ἄγγλος πράκτωρ Γκρέβιλ Γουίν ἐδήλωσεν ὅτι ὁ Σοβιετικὸς συνταγματάρχης Ὄλεγκ Πενώφσκυ, ὁ ὁποῖος κατεδικάσθη εἰς θάνατον ὡς κατάσκοπος, ηὐτοκτόνησεν εἰς τὴν φυλακὴν διὰ νὰ μὴ ὑποβληθῇ εἰς νέα βασανιστήρια.
ΝΕΑ ΥΟΡΚΗ, 24. (Ρώυτερ).— Ὁ Ἄγγλος πράκτωρ Γκρέβιλ Γουίν ἐδήλωσεν ὅτι ὁ Σοβιετικὸς συνταγματάρχης Ὄλεγκ Πενώφσκυ, ὁ ὁποῖος κατεδικάσθη εἰς θάνατον ὡς κατάσκοπος, ηὐτοκτόνησεν εἰς τὴν φυλακὴν διὰ νὰ μὴ ὑποβληθῇ εἰς νέα βασανιστήρια.
ΝΕΑ ΥΟΡΚΗ, 24. (Ρώυτερ).— Ὁ Ἄγγλος πράκτωρ Γκρέβιλ Γουίν ἐδήλωσεν ὅτι ὁ Σοβιετικὸς συνταγματάρχης Ὄλεγκ Πενώφσκυ, ὁ ὁποῖος κατεδικάσθη εἰς θάνατον ὡς κατάσκοπος, ηὐτοκτόνησεν εἰς τὴν φυλακὴν διὰ νὰ μὴ ὑποβληθῇ εἰς νέα βασανιστήρια.
ΝΕΑ ΥΟΡΚΗ, 24. (Ρώυτερ).— Ὁ Ἄγγλος πράκτωρ Γκρέβιλ Γουίν ἐδήλωσεν ὅτι ὁ Σοβιετικὸς συνταγματάρχης Ὄλεγκ Πενώφσκυ, ὁ ὁποῖος κατεδικάσθη εἰς θάνατον ὡς κατάσκοπος, ηὐτοκτόνησεν εἰς τὴν φυλακὴν διὰ νὰ μὴ ὑποβληθῇ εἰς νέα βασανιστήρια.
ΝΕΑ ΥΟΡΚΗ, 24. (Ρώυτερ).— Ὁ Ἄγγλος πράκτωρ Γκρέβιλ Γουίν ἐδήλωσεν ὅτι ὁ Σοβιετικὸς συνταγματάρχης Ὄλεγκ Πενώφσκυ, ὁ ὁποῖος κατεδικάσθη εἰς θάνατον ὡς κατάσκοπος, ηὐτοκτόνησεν εἰς τὴν φυλακὴν διὰ νὰ μὴ ὑποβληθῇ εἰς νέα βασανιστήρια.
ΝΕΑ ΥΟΡΚΗ, 24. (Ρώυτερ).— Ὁ Ἄγγλος πράκτωρ Γκρέβιλ Γουίν ἐδήλωσεν ὅτι ὁ Σοβιετικὸς συνταγματάρχης Ὄλεγκ Πενώφσκυ, ὁ ὁποῖος κατεδικάσθη εἰς θάνατον ὡς κατάσκοπος, ηὐτοκτόνησεν εἰς τὴν φυλακὴν διὰ νὰ μὴ ὑποβληθῇ εἰς νέα βασανιστήρια.
ΤΟ ΑΚΡΟΝ ΑΩΤΟΝ ΤΗΣ ΒΡΑΔΥΤΗΤΟΣ
ΜΕΤΑ ΕΝΑ ΑΙΩΝΑ ΘΑ ΣΥΜΠΛΗΡΩΘΗ ΤΟ ΣΥΝΤΑΣΣΟΜΕΝΟΝ ΛΕΞΙΚΟΝ ΤΗΣ «ΣΥΓΧΡΟΝΟΥ ΓΑΛΛΙΚΗΣ ΓΛΩΣΣΗΣ»
ΠΟΛΛΑΙ ΠΡΟΤΑΣΕΙΣ ΚΑΙ ΠΟΛΛΑΙ ΣΥΖΗΤΗΣΕΙΣ ΠΑΡΑΤΕΙΝΟΥΝ ΤΑΣ ΣΥΝΕΡΓΑΣΙΑΣ ΤΩΝ ΑΘΑΝΑΤΩΝ.— ΑΠΑΡΑΔΕΚΤΟΙ ΛΥΣΕΙΣ.
ΠΑΡΙΣΙ, 24. (Ἀσ. Πρέσ).— Ἡ Γαλλικὴ Ἀκαδημία συνεχίζει τὴν σύνταξιν τοῦ λεξικοῦ τῆς συγχρόνου Γαλλικῆς γλώσσης, τὸ ὁποῖον ὑπολογίζεται ὅτι θὰ συμπληρωθῇ μετὰ ἕνα αἰῶνα.
ΠΑΡΙΣΙ, 24. (Ἀσ. Πρέσ).— Ἡ Γαλλικὴ Ἀκαδημία συνεχίζει τὴν σύνταξιν τοῦ λεξικοῦ τῆς συγχρόνου Γαλλικῆς γλώσσης, τὸ ὁποῖον ὑπολογίζεται ὅτι θὰ συμπληρωθῇ μετὰ ἕνα αἰῶνα.
ΠΑΡΙΣΙ, 24. (Ἀσ. Πρέσ).— Ἡ Γαλλικὴ Ἀκαδημία συνεχίζει τὴν σύνταξιν τοῦ λεξικοῦ τῆς συγχρόνου Γαλλικῆς γλώσσης, τὸ ὁποῖον ὑπολογίζεται ὅτι θὰ συμπληρωθῇ μετὰ ἕνα αἰῶνα.
ΠΑΡΙΣΙ, 24. (Ἀσ. Πρέσ).— Ἡ Γαλλικὴ Ἀκαδημία συνεχίζει τὴν σύνταξιν τοῦ λεξικοῦ τῆς συγχρόνου Γαλλικῆς γλώσσης, τὸ ὁποῖον ὑπολογίζεται ὅτι θὰ συμπληρωθῇ μετὰ ἕνα αἰῶνα.
ΠΑΡΙΣΙ, 24. (Ἀσ. Πρέσ).— Ἡ Γαλλικὴ Ἀκαδημία συνεχίζει τὴν σύνταξιν τοῦ λεξικοῦ τῆς συγχρόνου Γαλλικῆς γλώσσης, τὸ ὁποῖον ὑπολογίζεται ὅτι θὰ συμπληρωθῇ μετὰ ἕνα αἰῶνα.
ΠΑΡΙΣΙ, 24. (Ἀσ. Πρέσ).— Ἡ Γαλλικὴ Ἀκαδημία συνεχίζει τὴν σύνταξιν τοῦ λεξικοῦ τῆς συγχρόνου Γαλλικῆς γλώσσης, τὸ ὁποῖον ὑπολογίζεται ὅτι θὰ συμπληρωθῇ μετὰ ἕνα αἰῶνα.
ΠΑΡΙΣΙ, 24. (Ἀσ. Πρέσ).— Ἡ Γαλλικὴ Ἀκαδημία συνεχίζει τὴν σύνταξιν τοῦ λεξικοῦ τῆς συγχρόνου Γαλλικῆς γλώσσης, τὸ ὁποῖον ὑπολογίζεται ὅτι θὰ συμπληρωθῇ μετὰ ἕνα αἰῶνα.
ΠΑΡΙΣΙ, 24. (Ἀσ. Πρέσ).— Ἡ Γαλλικὴ Ἀκαδημία συνεχίζει τὴν σύνταξιν τοῦ λεξικοῦ τῆς συγχρόνου Γαλλικῆς γλώσσης, τὸ ὁποῖον ὑπολογίζεται ὅτι θὰ συμπληρωθῇ μετὰ ἕνα αἰῶνα.
ΦΟΙΤΗΤΡΙΑ ΑΠΟΛΕΣΘΕΙΣ ΜΕΤΑ ΤΟΥ ΠΛΟΙΑΡΙΟΥ ΤΟΥ ΚΑΙ ΟΙ ΗΡΩΕΣ ΤΗΣ ΠΡΟΥΠΕΘΕΣΗΣ ΤΕΤΑΡΤΗΣ ΕΥΡΕΘΗΣΑΝ ΕΙΣ ΕΡΗΜΟΝΗΣΙΔΑ ΜΕΤΑΞΥ ΤΗΝΟΥ ΚΑΙ ΑΝΔΡΟΥ
ΒΟΛΟΣ, 24.— Εἰς τὴν περιοχὴν ἀνευρέθησαν σῷοι οἱ ἐπιβαίνοντες τοῦ πλοιαρίου.
ΒΟΛΟΣ, 24.— Εἰς τὴν περιοχὴν ἀνευρέθησαν σῷοι οἱ ἐπιβαίνοντες τοῦ πλοιαρίου.
